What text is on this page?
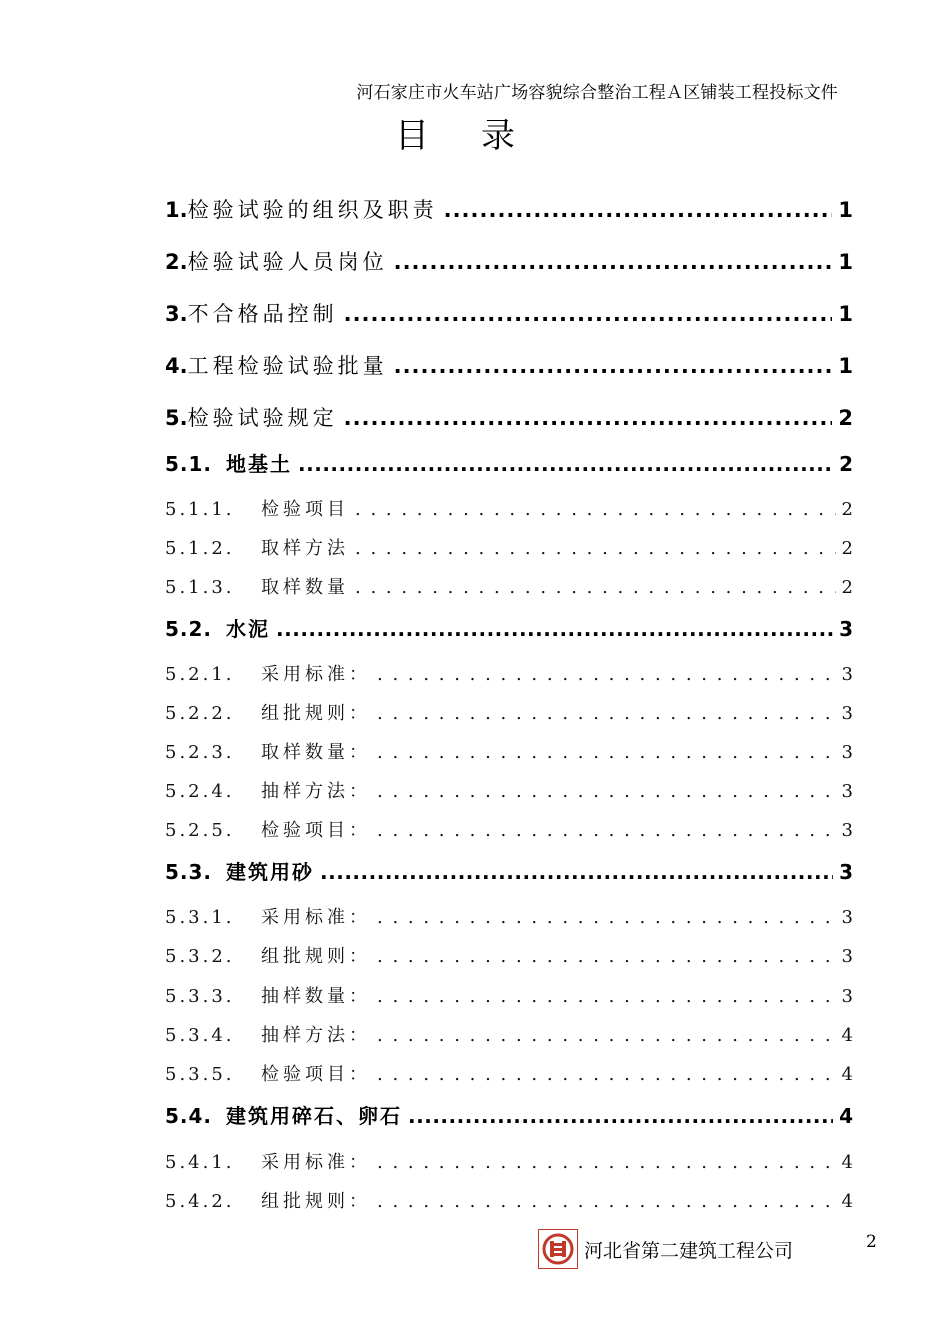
河石家庄市火车站广场容貌综合整治工程Ａ区铺装工程投标文件
目录
1. 检验试验的组织及职责 .....	1
2. 检验试验人员岗位 .....	1
3. 不合格品控制 .....	1
4. 工程检验试验批量 .....	1
5. 检验试验规定 .....	2
5.1. 地基土 .....	2
5.1.1.	检验项目 . . .	2
5.1.2.	取样方法 . . .	2
5.1.3.	取样数量 . . .	2
5.2. 水泥 .....	3
5.2.1.	采用标准： . . .	3
5.2.2.	组批规则： . . .	3
5.2.3.	取样数量： . . .	3
5.2.4.	抽样方法： . . .	3
5.2.5.	检验项目： . . .	3
5.3. 建筑用砂 .....	3
5.3.1.	采用标准： . . .	3
5.3.2.	组批规则： . . .	3
5.3.3.	抽样数量： . . .	3
5.3.4.	抽样方法： . . .	4
5.3.5.	检验项目： . . .	4
5.4. 建筑用碎石、卵石 .....	4
5.4.1.	采用标准： . . .	4
5.4.2.	组批规则： . . .	4
河北省第二建筑工程公司	2
